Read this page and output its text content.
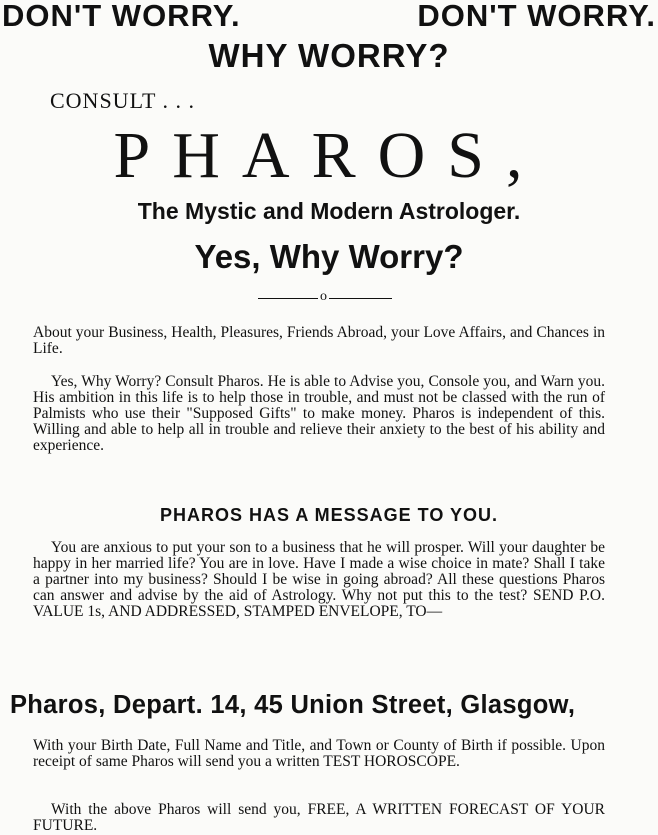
DON'T WORRY.	DON'T WORRY.
WHY WORRY?
CONSULT . . .
PHAROS,
The Mystic and Modern Astrologer.
Yes, Why Worry?
o
About your Business, Health, Pleasures, Friends Abroad, your Love Affairs, and Chances in Life.
Yes, Why Worry? Consult Pharos. He is able to Advise you, Console you, and Warn you. His ambition in this life is to help those in trouble, and must not be classed with the run of Palmists who use their "Supposed Gifts" to make money. Pharos is independent of this. Willing and able to help all in trouble and relieve their anxiety to the best of his ability and experience.
PHAROS HAS A MESSAGE TO YOU.
You are anxious to put your son to a business that he will prosper. Will your daughter be happy in her married life? You are in love. Have I made a wise choice in mate? Shall I take a partner into my business? Should I be wise in going abroad? All these questions Pharos can answer and advise by the aid of Astrology. Why not put this to the test? SEND P.O. VALUE 1s, AND ADDRESSED, STAMPED ENVELOPE, TO—
Pharos, Depart. 14, 45 Union Street, Glasgow,
With your Birth Date, Full Name and Title, and Town or County of Birth if possible. Upon receipt of same Pharos will send you a written TEST HOROSCOPE.
With the above Pharos will send you, FREE, A WRITTEN FORECAST OF YOUR FUTURE.
